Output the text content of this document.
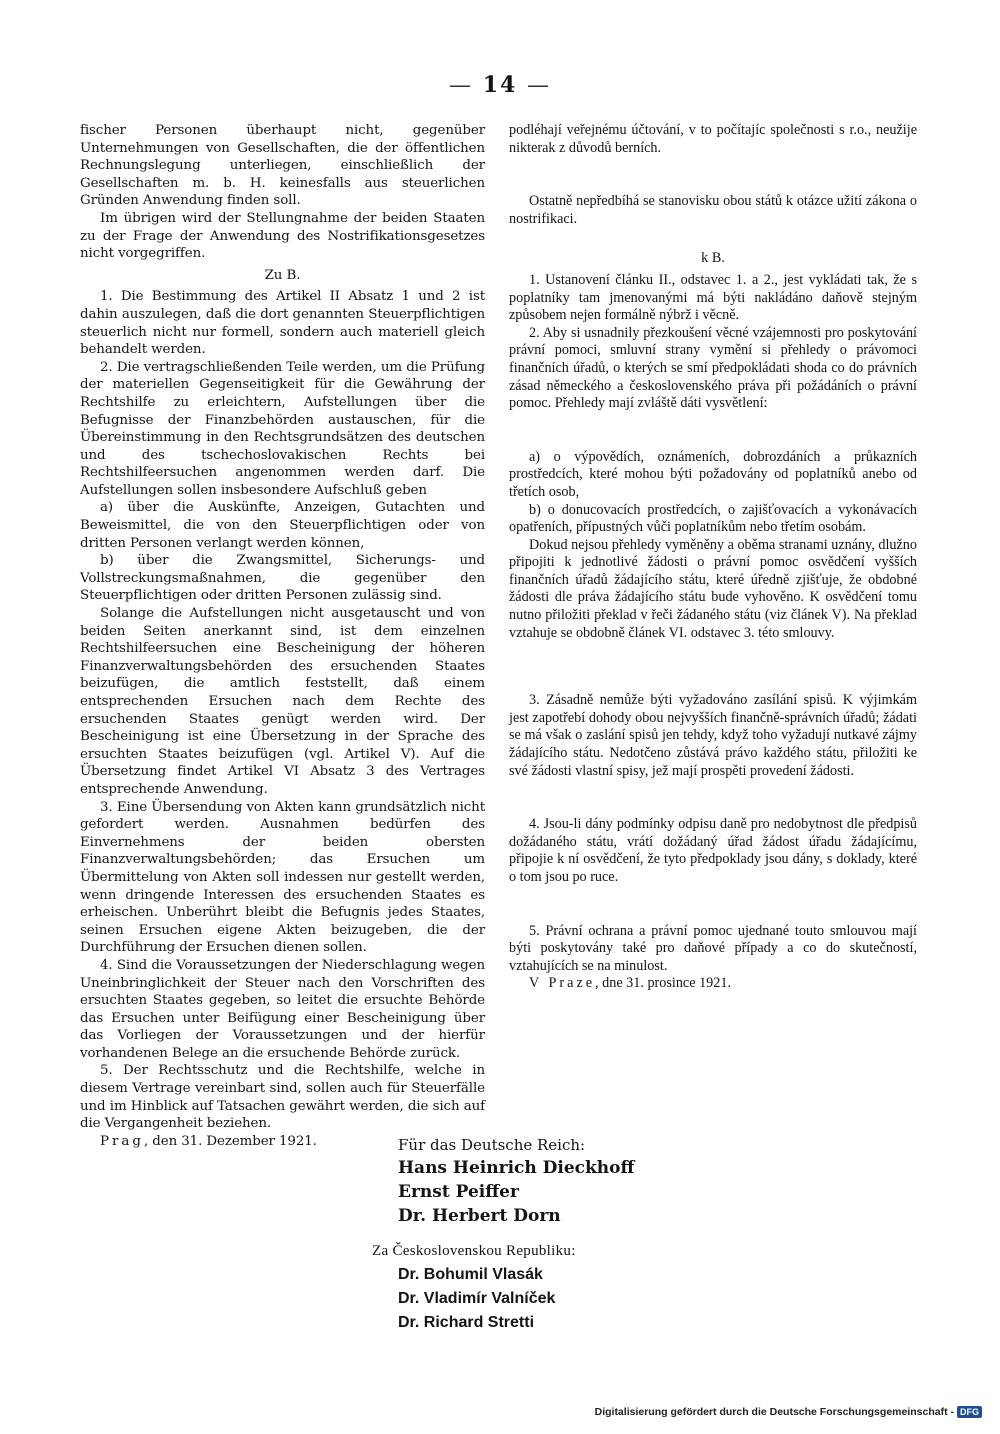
— 14 —

fischer Personen überhaupt nicht, gegenüber Unternehmungen von Gesellschaften, die der öffentlichen Rechnungslegung unterliegen, einschließlich der Gesellschaften m. b. H. keinesfalls aus steuerlichen Gründen Anwendung finden soll.

Im übrigen wird der Stellungnahme der beiden Staaten zu der Frage der Anwendung des Nostrifikationsgesetzes nicht vorgegriffen.

Zu B.

1. Die Bestimmung des Artikel II Absatz 1 und 2 ist dahin auszulegen, daß die dort genannten Steuerpflichtigen steuerlich nicht nur formell, sondern auch materiell gleich behandelt werden.

2. Die vertragschließenden Teile werden, um die Prüfung der materiellen Gegenseitigkeit für die Gewährung der Rechtshilfe zu erleichtern, Aufstellungen über die Befugnisse der Finanzbehörden austauschen, für die Übereinstimmung in den Rechtsgrundsätzen des deutschen und des tschechoslovakischen Rechts bei Rechtshilfeersuchen angenommen werden darf. Die Aufstellungen sollen insbesondere Aufschluß geben

a) über die Auskünfte, Anzeigen, Gutachten und Beweismittel, die von den Steuerpflichtigen oder von dritten Personen verlangt werden können,

b) über die Zwangsmittel, Sicherungs- und Vollstreckungsmaßnahmen, die gegenüber den Steuerpflichtigen oder dritten Personen zulässig sind.

Solange die Aufstellungen nicht ausgetauscht und von beiden Seiten anerkannt sind, ist dem einzelnen Rechtshilfeersuchen eine Bescheinigung der höheren Finanzverwaltungsbehörden des ersuchenden Staates beizufügen, die amtlich feststellt, daß einem entsprechenden Ersuchen nach dem Rechte des ersuchenden Staates genügt werden wird. Der Bescheinigung ist eine Übersetzung in der Sprache des ersuchten Staates beizufügen (vgl. Artikel V). Auf die Übersetzung findet Artikel VI Absatz 3 des Vertrages entsprechende Anwendung.

3. Eine Übersendung von Akten kann grundsätzlich nicht gefordert werden. Ausnahmen bedürfen des Einvernehmens der beiden obersten Finanzverwaltungsbehörden; das Ersuchen um Übermittelung von Akten soll indessen nur gestellt werden, wenn dringende Interessen des ersuchenden Staates es erheischen. Unberührt bleibt die Befugnis jedes Staates, seinen Ersuchen eigene Akten beizugeben, die der Durchführung der Ersuchen dienen sollen.

4. Sind die Voraussetzungen der Niederschlagung wegen Uneinbringlichkeit der Steuer nach den Vorschriften des ersuchten Staates gegeben, so leitet die ersuchte Behörde das Ersuchen unter Beifügung einer Bescheinigung über das Vorliegen der Voraussetzungen und der hierfür vorhandenen Belege an die ersuchende Behörde zurück.

5. Der Rechtsschutz und die Rechtshilfe, welche in diesem Vertrage vereinbart sind, sollen auch für Steuerfälle und im Hinblick auf Tatsachen gewährt werden, die sich auf die Vergangenheit beziehen.

Prag, den 31. Dezember 1921.

podléhají veřejnému účtování, v to počítajíc společnosti s r.o., neužije nikterak z důvodů berních.

Ostatně nepředbíhá se stanovisku obou států k otázce užití zákona o nostrifikaci.

k B.

1. Ustanovení článku II., odstavec 1. a 2., jest vykládati tak, že s poplatníky tam jmenovanými má býti nakládáno daňově stejným způsobem nejen formálně nýbrž i věcně.

2. Aby si usnadnily přezkoušení věcné vzájemnosti pro poskytování právní pomoci, smluvní strany vymění si přehledy o právomoci finančních úřadů, o kterých se smí předpokládati shoda co do právních zásad německého a československého práva při požádáních o právní pomoc. Přehledy mají zvláště dáti vysvětlení:

a) o výpovědích, oznámeních, dobrozdáních a průkazních prostředcích, které mohou býti požadovány od poplatníků anebo od třetích osob,

b) o donucovacích prostředcích, o zajišťovacích a vykonávacích opatřeních, přípustných vůči poplatníkům nebo třetím osobám.

Dokud nejsou přehledy vyměněny a oběma stranami uznány, dlužno připojiti k jednotlivé žádosti o právní pomoc osvědčení vyšších finančních úřadů žádajícího státu, které úředně zjišťuje, že obdobné žádosti dle práva žádajícího státu bude vyhověno. K osvědčení tomu nutno přiložiti překlad v řeči žádaného státu (viz článek V). Na překlad vztahuje se obdobně článek VI. odstavec 3. této smlouvy.

3. Zásadně nemůže býti vyžadováno zasílání spisů. K výjimkám jest zapotřebí dohody obou nejvyšších finančně-správních úřadů; žádati se má však o zaslání spisů jen tehdy, když toho vyžadují nutkavé zájmy žádajícího státu. Nedotčeno zůstává právo každého státu, přiložiti ke své žádosti vlastní spisy, jež mají prospěti provedení žádosti.

4. Jsou-li dány podmínky odpisu daně pro nedobytnost dle předpisů dožádaného státu, vrátí dožádaný úřad žádost úřadu žádajícímu, připojie k ní osvědčení, že tyto předpoklady jsou dány, s doklady, které o tom jsou po ruce.

5. Právní ochrana a právní pomoc ujednané touto smlouvou mají býti poskytovány také pro daňové případy a co do skutečností, vztahujících se na minulost.

V Praze, dne 31. prosince 1921.

Für das Deutsche Reich:

Hans Heinrich Dieckhoff

Ernst Peiffer

Dr. Herbert Dorn

Za Československou Republiku:

Dr. Bohumil Vlasák

Dr. Vladimír Valníček

Dr. Richard Stretti

Digitalisierung gefördert durch die Deutsche Forschungsgemeinschaft - DFG
